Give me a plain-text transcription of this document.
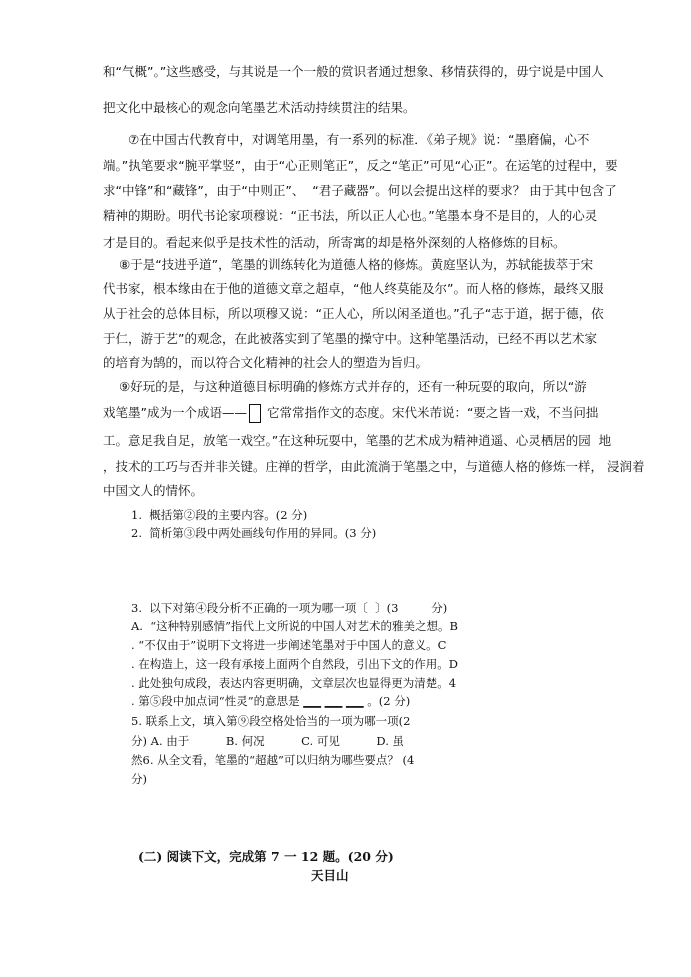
和“气概”。”这些感受，与其说是一个一般的赏识者通过想象、移情获得的，毋宁说是中国人
把文化中最核心的观念向笔墨艺术活动持续贯注的结果。
⑦在中国古代教育中，对调笔用墨，有一系列的标准．《弟子规》说：“墨磨偏，心不
端。”执笔要求“腕平掌竖”，由于“心正则笔正”，反之“笔正”可见“心正”。在运笔的过程中，要
求“中锋”和“藏锋”，由于“中则正”、  “君子藏器”。何以会提出这样的要求？ 由于其中包含了
精神的期盼。明代书论家项穆说：“正书法，所以正人心也。”笔墨本身不是目的，人的心灵
才是目的。看起来似乎是技术性的活动，所寄寓的却是格外深刻的人格修炼的目标。
⑧于是“技进乎道”，笔墨的训练转化为道德人格的修炼。黄庭坚认为，苏轼能拔萃于宋
代书家，根本缘由在于他的道德文章之超卓，“他人终莫能及尔”。而人格的修炼，最终又服
从于社会的总体目标，所以项穆又说：“正人心，所以闲圣道也。”孔子“志于道，据于德，依
于仁，游于艺”的观念，在此被落实到了笔墨的操守中。这种笔墨活动，已经不再以艺术家
的培育为鹄的，而以符合文化精神的社会人的塑造为旨归。
⑨好玩的是，与这种道德目标明确的修炼方式并存的，还有一种玩耍的取向，所以“游
戏笔墨”成为一个成语—— 它常常指作文的态度。宋代米芾说：“要之皆一戏，不当问拙
工。意足我自足，放笔一戏空。”在这种玩耍中，笔墨的艺术成为精神逍遥、心灵栖居的园  地
，技术的工巧与否并非关键。庄禅的哲学，由此流淌于笔墨之中，与道德人格的修炼一样， 浸润着
中国文人的情怀。
1.  概括第②段的主要内容。(2 分)
2.  简析第③段中两处画线句作用的异同。(3 分)
3.  以下对第④段分析不正确的一项为哪一项〔  〕(3         分)
A.  “这种特别感情”指代上文所说的中国人对艺术的雅美之想。B
. “不仅由于”说明下文将进一步阐述笔墨对于中国人的意义。C
. 在构造上，这一段有承接上面两个自然段，引出下文的作用。D
. 此处独句成段，表达内容更明确，文章层次也显得更为清楚。4
. 第⑤段中加点词“性灵”的意思是 ▁▁ ▁▁ ▁▁ 。(2 分)
5. 联系上文，填入第⑨段空格处恰当的一项为哪一项(2
分) A. 由于          B. 何况          C. 可见          D. 虽
然6. 从全文看，笔墨的“超越”可以归纳为哪些要点？ (4
分)
(二) 阅读下文，完成第 7 一 12 题。(20 分)
天目山
